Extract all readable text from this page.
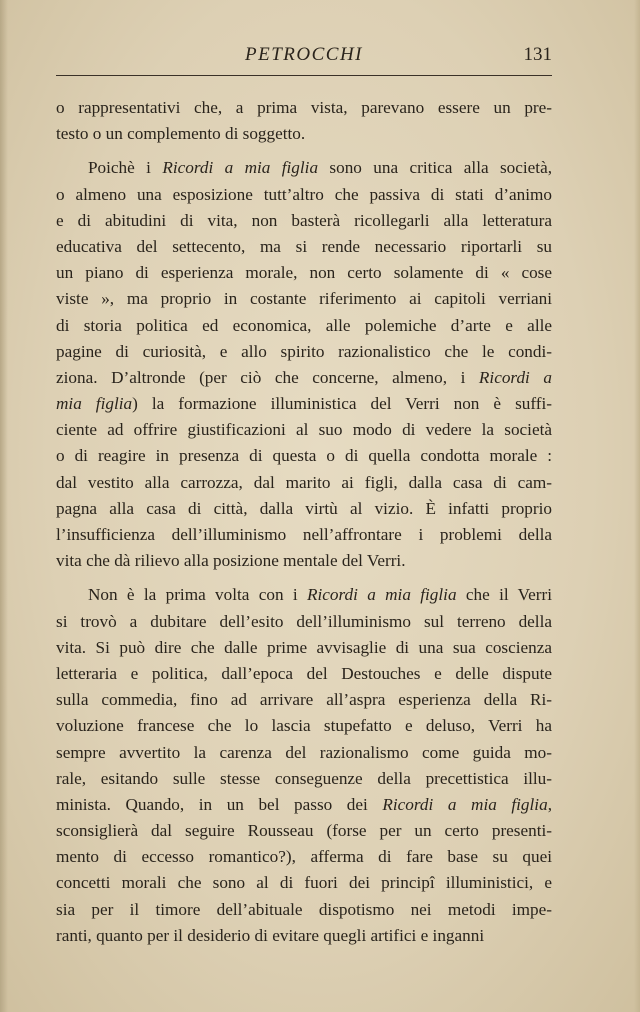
PETROCCHI	131
o rappresentativi che, a prima vista, parevano essere un pre-
testo o un complemento di soggetto.
Poichè i Ricordi a mia figlia sono una critica alla società,
o almeno una esposizione tutt’altro che passiva di stati d’animo
e di abitudini di vita, non basterà ricollegarli alla letteratura
educativa del settecento, ma si rende necessario riportarli su
un piano di esperienza morale, non certo solamente di « cose
viste », ma proprio in costante riferimento ai capitoli verriani
di storia politica ed economica, alle polemiche d’arte e alle
pagine di curiosità, e allo spirito razionalistico che le condi-
ziona. D’altronde (per ciò che concerne, almeno, i Ricordi a
mia figlia) la formazione illuministica del Verri non è suffi-
ciente ad offrire giustificazioni al suo modo di vedere la società
o di reagire in presenza di questa o di quella condotta morale :
dal vestito alla carrozza, dal marito ai figli, dalla casa di cam-
pagna alla casa di città, dalla virtù al vizio. È infatti proprio
l’insufficienza dell’illuminismo nell’affrontare i problemi della
vita che dà rilievo alla posizione mentale del Verri.
Non è la prima volta con i Ricordi a mia figlia che il Verri
si trovò a dubitare dell’esito dell’illuminismo sul terreno della
vita. Si può dire che dalle prime avvisaglie di una sua coscienza
letteraria e politica, dall’epoca del Destouches e delle dispute
sulla commedia, fino ad arrivare all’aspra esperienza della Ri-
voluzione francese che lo lascia stupefatto e deluso, Verri ha
sempre avvertito la carenza del razionalismo come guida mo-
rale, esitando sulle stesse conseguenze della precettistica illu-
minista. Quando, in un bel passo dei Ricordi a mia figlia,
sconsiglierà dal seguire Rousseau (forse per un certo presenti-
mento di eccesso romantico?), afferma di fare base su quei
concetti morali che sono al di fuori dei principî illuministici, e
sia per il timore dell’abituale dispotismo nei metodi impe-
ranti, quanto per il desiderio di evitare quegli artifici e inganni
